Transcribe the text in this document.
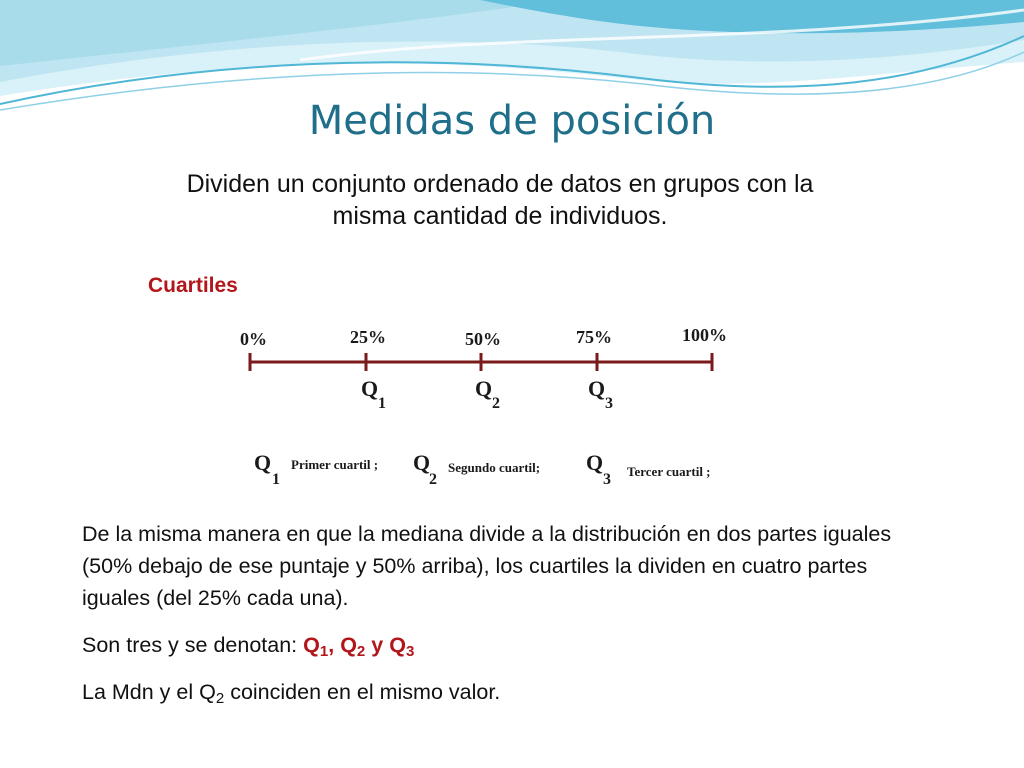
Medidas de posición
Dividen un conjunto ordenado de datos en grupos con la misma cantidad de individuos.
Cuartiles
0%	25%	50%	75%	100%
Q
1
Q
2
Q
3
Q
1
Primer cuartil ; Q
2
Segundo cuartil; Q
3 Tercer cuartil ;
De la misma manera en que la mediana divide a la distribución en dos partes iguales (50% debajo de ese puntaje y 50% arriba), los cuartiles la dividen en cuatro partes iguales (del 25% cada una).
Son tres y se denotan: $Q_1$, $Q_2$ y $Q_3$
La Mdn y el $Q_2$ coinciden en el mismo valor.
